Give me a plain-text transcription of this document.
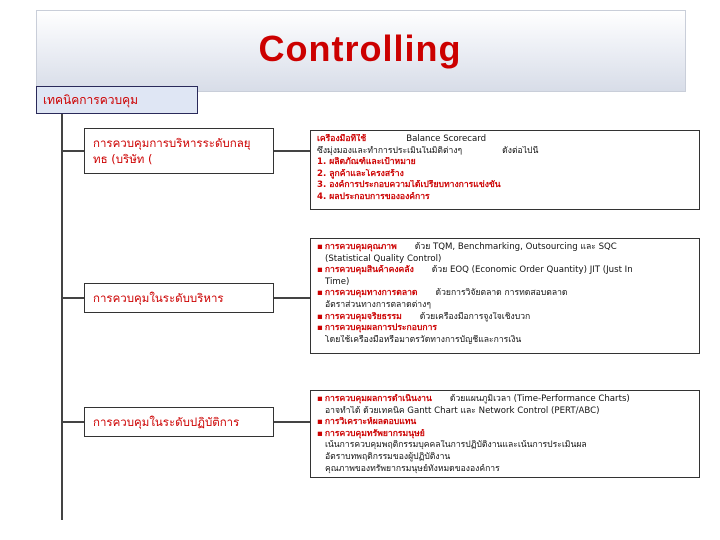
Controlling
เทคนิคการควบคุม
การควบคุมการบริหารระดับกลยุ
ทธ (บริษัท (
การควบคุมในระดับบริหาร
การควบคุมในระดับปฏิบัติการ
เครื่องมือที่ใช้	Balance Scorecard
ซึ่งมุ่งมองและทำการประเมินในมิติต่างๆ	ดังต่อไปนี้
1. ผลิตภัณฑ์และเป้าหมาย
2. ลูกค้าและโครงสร้าง
3. องค์การประกอบความได้เปรียบทางการแข่งขัน
4. ผลประกอบการขององค์การ
▪ การควบคุมคุณภาพ ด้วย TQM, Benchmarking, Outsourcing และ SQC
(Statistical Quality Control)
▪ การควบคุมสินค้าคงคลัง ด้วย EOQ (Economic Order Quantity) JIT (Just In
Time)
▪ การควบคุมทางการตลาด ด้วยการวิจัยตลาด การทดสอบตลาด
อัตราส่วนทางการตลาดต่างๆ
▪ การควบคุมจริยธรรม ด้วยเครื่องมือการจูงใจเชิงบวก
▪ การควบคุมผลการประกอบการ
โดยใช้เครื่องมือหรือมาตรวัดทางการบัญชีและการเงิน
▪ การควบคุมผลการดำเนินงาน ด้วยแผนภูมิเวลา (Time-Performance Charts)
อาจทำได้ ด้วยเทคนิค Gantt Chart และ Network Control (PERT/ABC)
▪ การวิเคราะห์ผลตอบแทน
▪ การควบคุมทรัพยากรมนุษย์
เน้นการควบคุมพฤติกรรมบุคคลในการปฏิบัติงานและเน้นการประเมินผล
อัตราบทพฤติกรรมของผู้ปฏิบัติงาน
คุณภาพของทรัพยากรมนุษย์ทั้งหมดขององค์การ
